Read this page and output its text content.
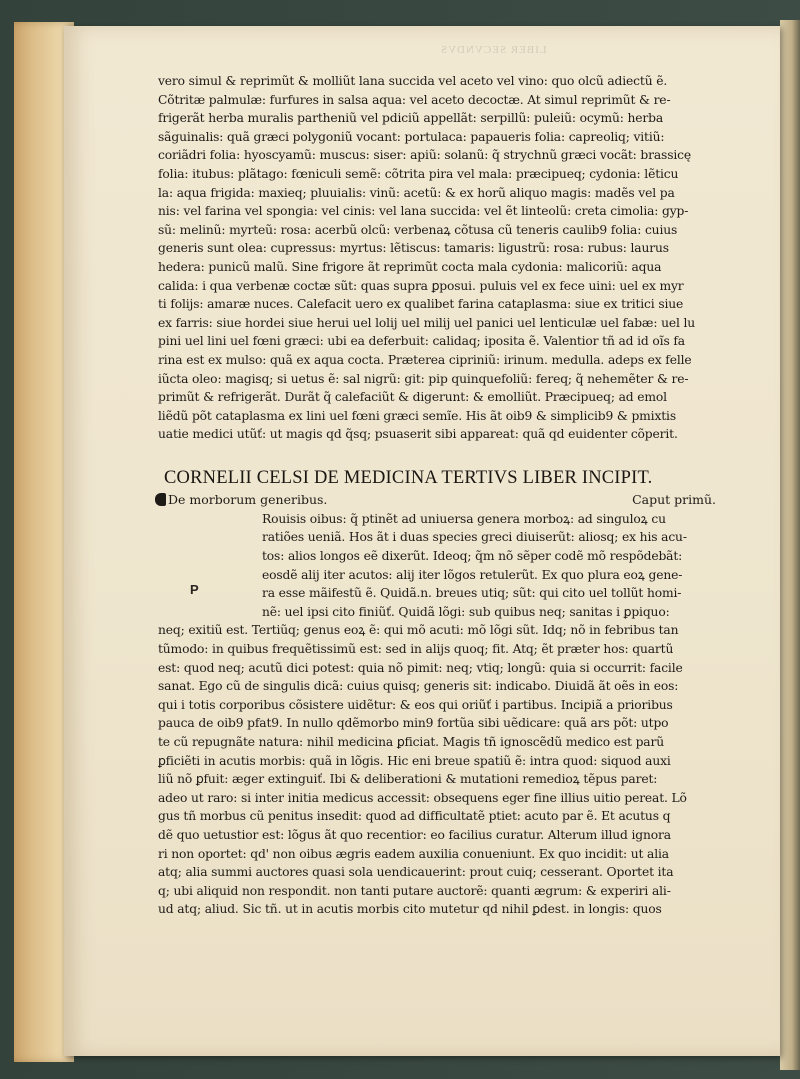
LIBER SECVNDVS
vero simul & reprimũt & molliũt lana succida vel aceto vel vino: quo olcũ adiectũ ẽ.
Cõtritæ palmulæ: furfures in salsa aqua: vel aceto decoctæ. At simul reprimũt & re-
frigerãt herba muralis partheniũ vel pdiciũ appellãt: serpillũ: puleiũ: ocymũ: herba
sãguinalis: quã græci polygoniũ vocant: portulaca: papaueris folia: capreoliq; vitiũ:
coriãdri folia: hyoscyamũ: muscus: siser: apiũ: solanũ: q̃ strychnũ græci vocãt: brassicę
folia: itubus: plãtago: fœniculi semẽ: cõtrita pira vel mala: præcipueq; cydonia: lẽticu
la: aqua frigida: maxieq; pluuialis: vinũ: acetũ: & ex horũ aliquo magis: madẽs vel pa
nis: vel farina vel spongia: vel cinis: vel lana succida: vel ẽt linteolũ: creta cimolia: gyp-
sũ: melinũ: myrteũ: rosa: acerbũ olcũ: verbenaꝝ cõtusa cũ teneris caulib9 folia: cuius
generis sunt olea: cupressus: myrtus: lẽtiscus: tamaris: ligustrũ: rosa: rubus: laurus
hedera: punicũ malũ. Sine frigore ãt reprimũt cocta mala cydonia: malicoriũ: aqua
calida: i qua verbenæ coctæ sũt: quas supra ꝑposui. puluis vel ex fece uini: uel ex myr
ti folijs: amaræ nuces. Calefacit uero ex qualibet farina cataplasma: siue ex tritici siue
ex farris: siue hordei siue herui uel lolij uel milij uel panici uel lenticulæ uel fabæ: uel lu
pini uel lini uel fœni græci: ubi ea deferbuit: calidaq; iposita ẽ. Valentior tñ ad id oĩs fa
rina est ex mulso: quã ex aqua cocta. Præterea cipriniũ: irinum. medulla. adeps ex felle
iũcta oleo: magisq; si uetus ẽ: sal nigrũ: git: pip quinquefoliũ: fereq; q̃ nehemẽter & re-
primũt & refrigerãt. Durãt q̃ calefaciũt & digerunt: & emolliũt. Præcipueq; ad emol
liẽdũ põt cataplasma ex lini uel fœni græci semĩe. His ãt oib9 & simplicib9 & pmixtis
uatie medici utũť: ut magis qd q̃sq; psuaserit sibi appareat: quã qd euidenter cõperit.
CORNELII CELSI DE MEDICINA TERTIVS LIBER INCIPIT.
De morborum generibus.	Caput primũ.
Rouisis oibus: q̃ ptinẽt ad uniuersa genera morboꝝ: ad singuloꝝ cu
ratiões ueniã. Hos ãt i duas species greci diuiserũt: aliosq; ex his acu-
tos: alios longos eẽ dixerũt. Ideoq; q̃m nõ sẽper codẽ mõ respõdebãt:
eosdẽ alij iter acutos: alij iter lõgos retulerũt. Ex quo plura eoꝝ gene-
ra esse mãifestũ ẽ. Quidã.n. breues utiq; sũt: qui cito uel tollũt homi-
nẽ: uel ipsi cito finiũť. Quidã lõgi: sub quibus neq; sanitas i ꝑpiquo:
neq; exitiũ est. Tertiũq; genus eoꝝ ẽ: qui mõ acuti: mõ lõgi sũt. Idq; nõ in febribus tan
tũmodo: in quibus frequẽtissimũ est: sed in alijs quoq; fit. Atq; ẽt præter hos: quartũ
est: quod neq; acutũ dici potest: quia nõ pimit: neq; vtiq; longũ: quia si occurrit: facile
sanat. Ego cũ de singulis dicã: cuius quisq; generis sit: indicabo. Diuidã ãt oẽs in eos:
qui i totis corporibus cõsistere uidẽtur: & eos qui oriũť i partibus. Incipiã a prioribus
pauca de oib9 pfat9. In nullo qdẽmorbo min9 fortũa sibi uẽdicare: quã ars põt: utpo
te cũ repugnãte natura: nihil medicina ꝑficiat. Magis tñ ignoscẽdũ medico est parũ
ꝑficiẽti in acutis morbis: quã in lõgis. Hic eni breue spatiũ ẽ: intra quod: siquod auxi
liũ nõ ꝑfuit: æger extinguiť. Ibi & deliberationi & mutationi remedioꝝ tẽpus paret:
adeo ut raro: si inter initia medicus accessit: obsequens eger fine illius uitio pereat. Lõ
gus tñ morbus cũ penitus insedit: quod ad difficultatẽ ptiet: acuto par ẽ. Et acutus q
dẽ quo uetustior est: lõgus ãt quo recentior: eo facilius curatur. Alterum illud ignora
ri non oportet: qd' non oibus ægris eadem auxilia conueniunt. Ex quo incidit: ut alia
atq; alia summi auctores quasi sola uendicauerint: prout cuiq; cesserant. Oportet ita
q; ubi aliquid non respondit. non tanti putare auctorẽ: quanti ægrum: & experiri ali-
ud atq; aliud. Sic tñ. ut in acutis morbis cito mutetur qd nihil ꝑdest. in longis: quos
P
